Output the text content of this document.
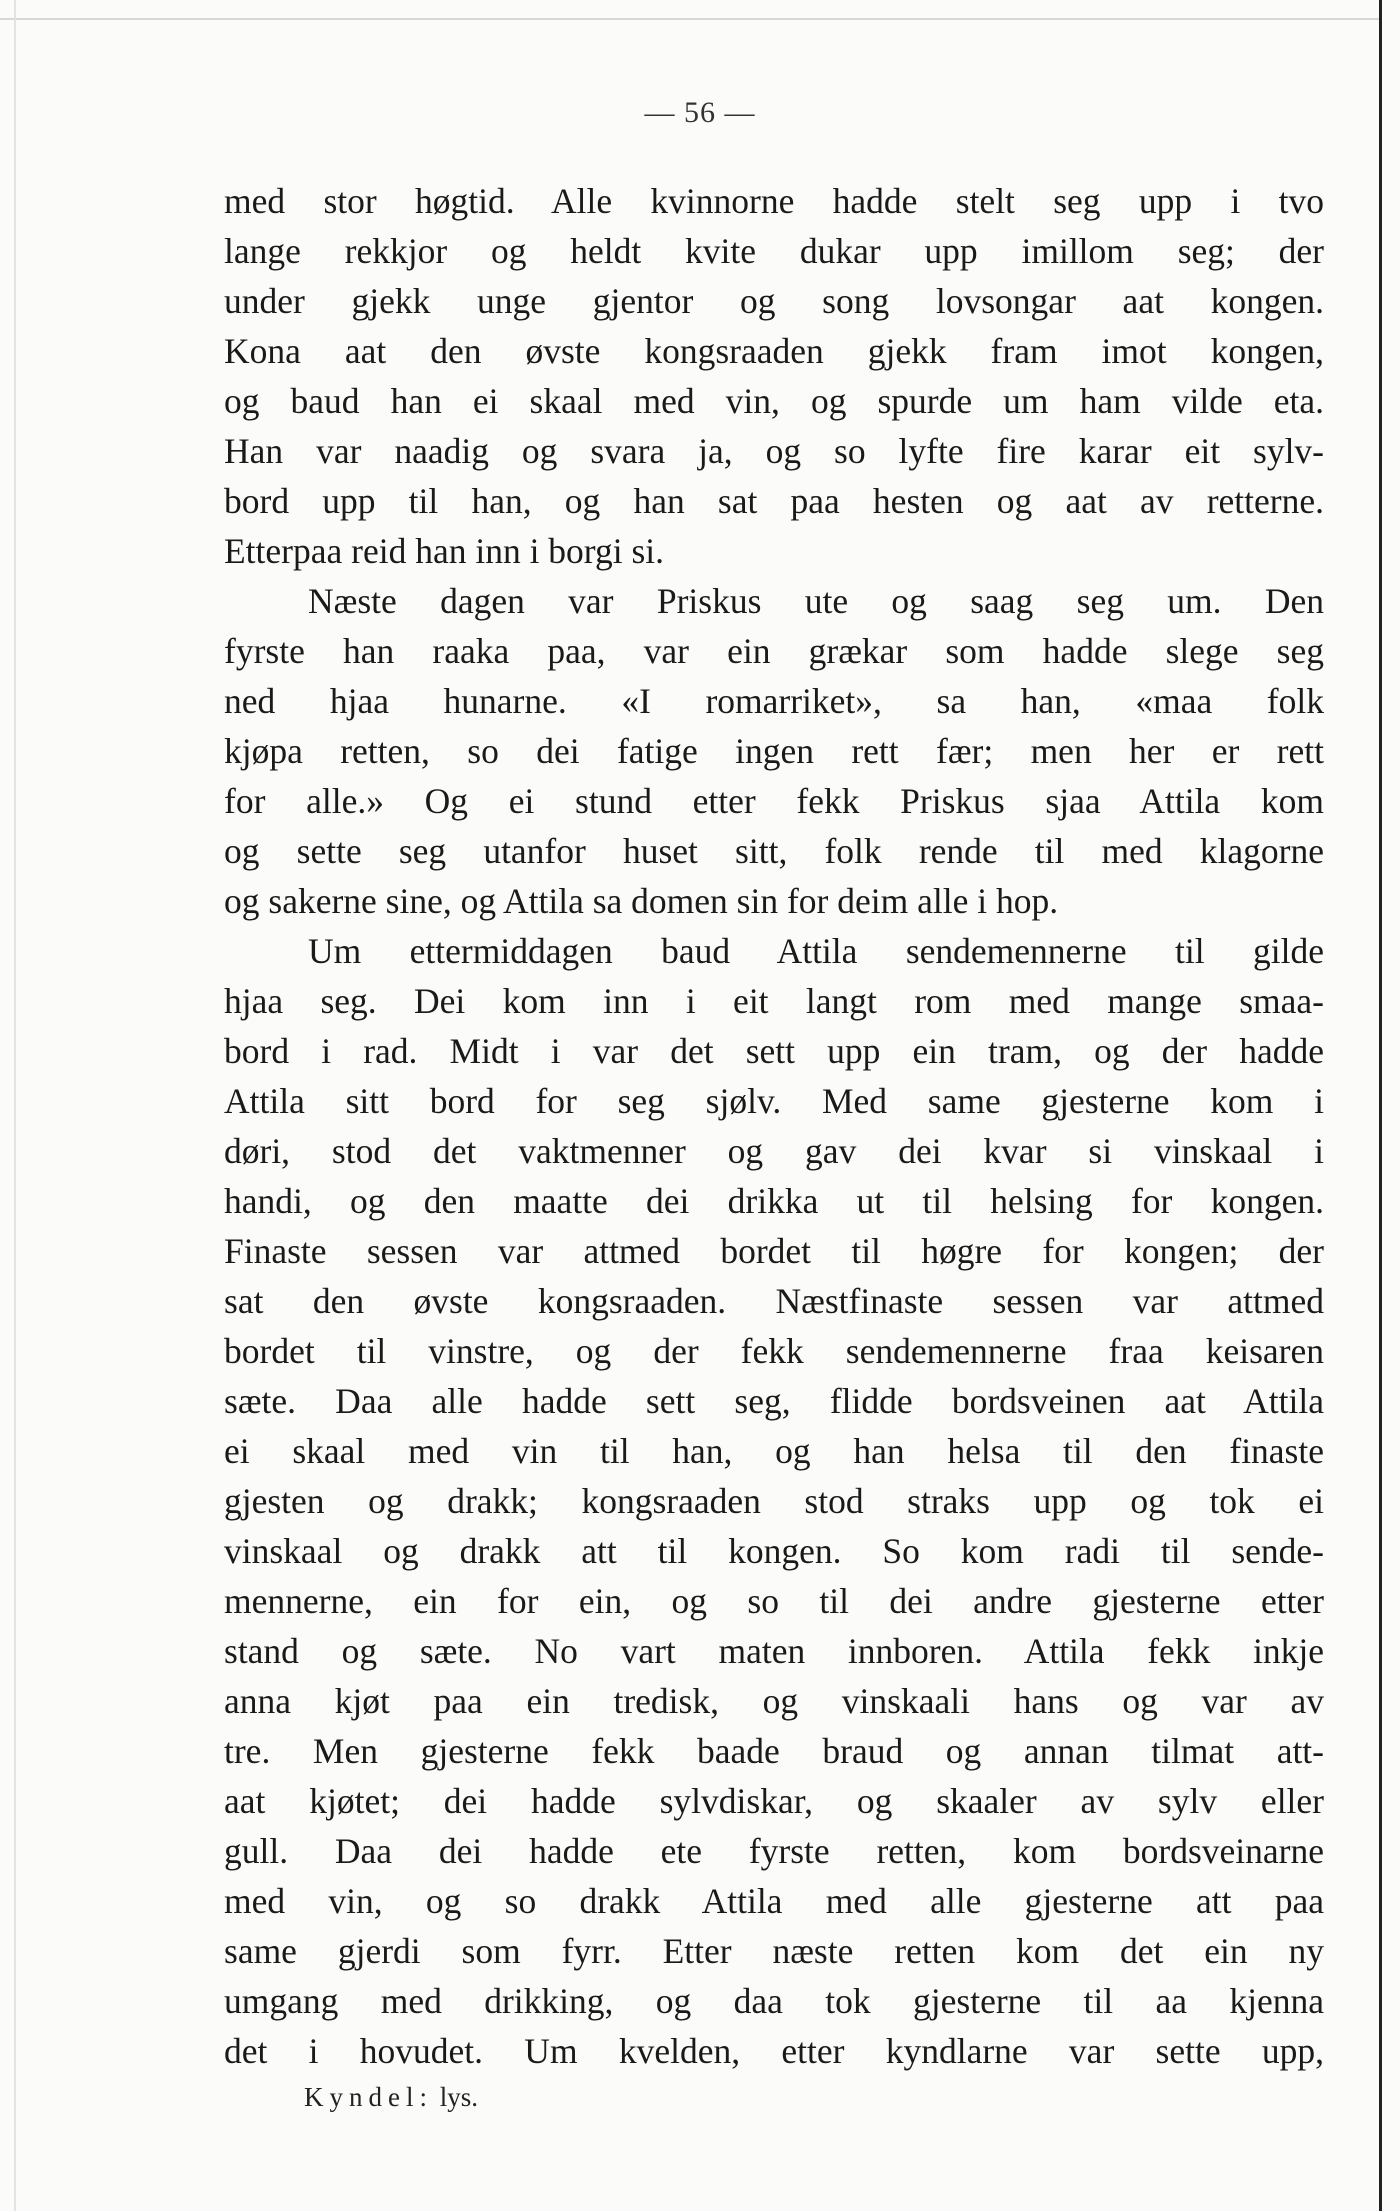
— 56 —
med stor høgtid. Alle kvinnorne hadde stelt seg upp i tvo
lange rekkjor og heldt kvite dukar upp imillom seg; der
under gjekk unge gjentor og song lovsongar aat kongen.
Kona aat den øvste kongsraaden gjekk fram imot kongen,
og baud han ei skaal med vin, og spurde um ham vilde eta.
Han var naadig og svara ja, og so lyfte fire karar eit sylv-
bord upp til han, og han sat paa hesten og aat av retterne.
Etterpaa reid han inn i borgi si.
Næste dagen var Priskus ute og saag seg um. Den
fyrste han raaka paa, var ein grækar som hadde slege seg
ned hjaa hunarne. «I romarriket», sa han, «maa folk
kjøpa retten, so dei fatige ingen rett fær; men her er rett
for alle.» Og ei stund etter fekk Priskus sjaa Attila kom
og sette seg utanfor huset sitt, folk rende til med klagorne
og sakerne sine, og Attila sa domen sin for deim alle i hop.
Um ettermiddagen baud Attila sendemennerne til gilde
hjaa seg. Dei kom inn i eit langt rom med mange smaa-
bord i rad. Midt i var det sett upp ein tram, og der hadde
Attila sitt bord for seg sjølv. Med same gjesterne kom i
døri, stod det vaktmenner og gav dei kvar si vinskaal i
handi, og den maatte dei drikka ut til helsing for kongen.
Finaste sessen var attmed bordet til høgre for kongen; der
sat den øvste kongsraaden. Næstfinaste sessen var attmed
bordet til vinstre, og der fekk sendemennerne fraa keisaren
sæte. Daa alle hadde sett seg, flidde bordsveinen aat Attila
ei skaal med vin til han, og han helsa til den finaste
gjesten og drakk; kongsraaden stod straks upp og tok ei
vinskaal og drakk att til kongen. So kom radi til sende-
mennerne, ein for ein, og so til dei andre gjesterne etter
stand og sæte. No vart maten innboren. Attila fekk inkje
anna kjøt paa ein tredisk, og vinskaali hans og var av
tre. Men gjesterne fekk baade braud og annan tilmat att-
aat kjøtet; dei hadde sylvdiskar, og skaaler av sylv eller
gull. Daa dei hadde ete fyrste retten, kom bordsveinarne
med vin, og so drakk Attila med alle gjesterne att paa
same gjerdi som fyrr. Etter næste retten kom det ein ny
umgang med drikking, og daa tok gjesterne til aa kjenna
det i hovudet. Um kvelden, etter kyndlarne var sette upp,
Kyndel: lys.
